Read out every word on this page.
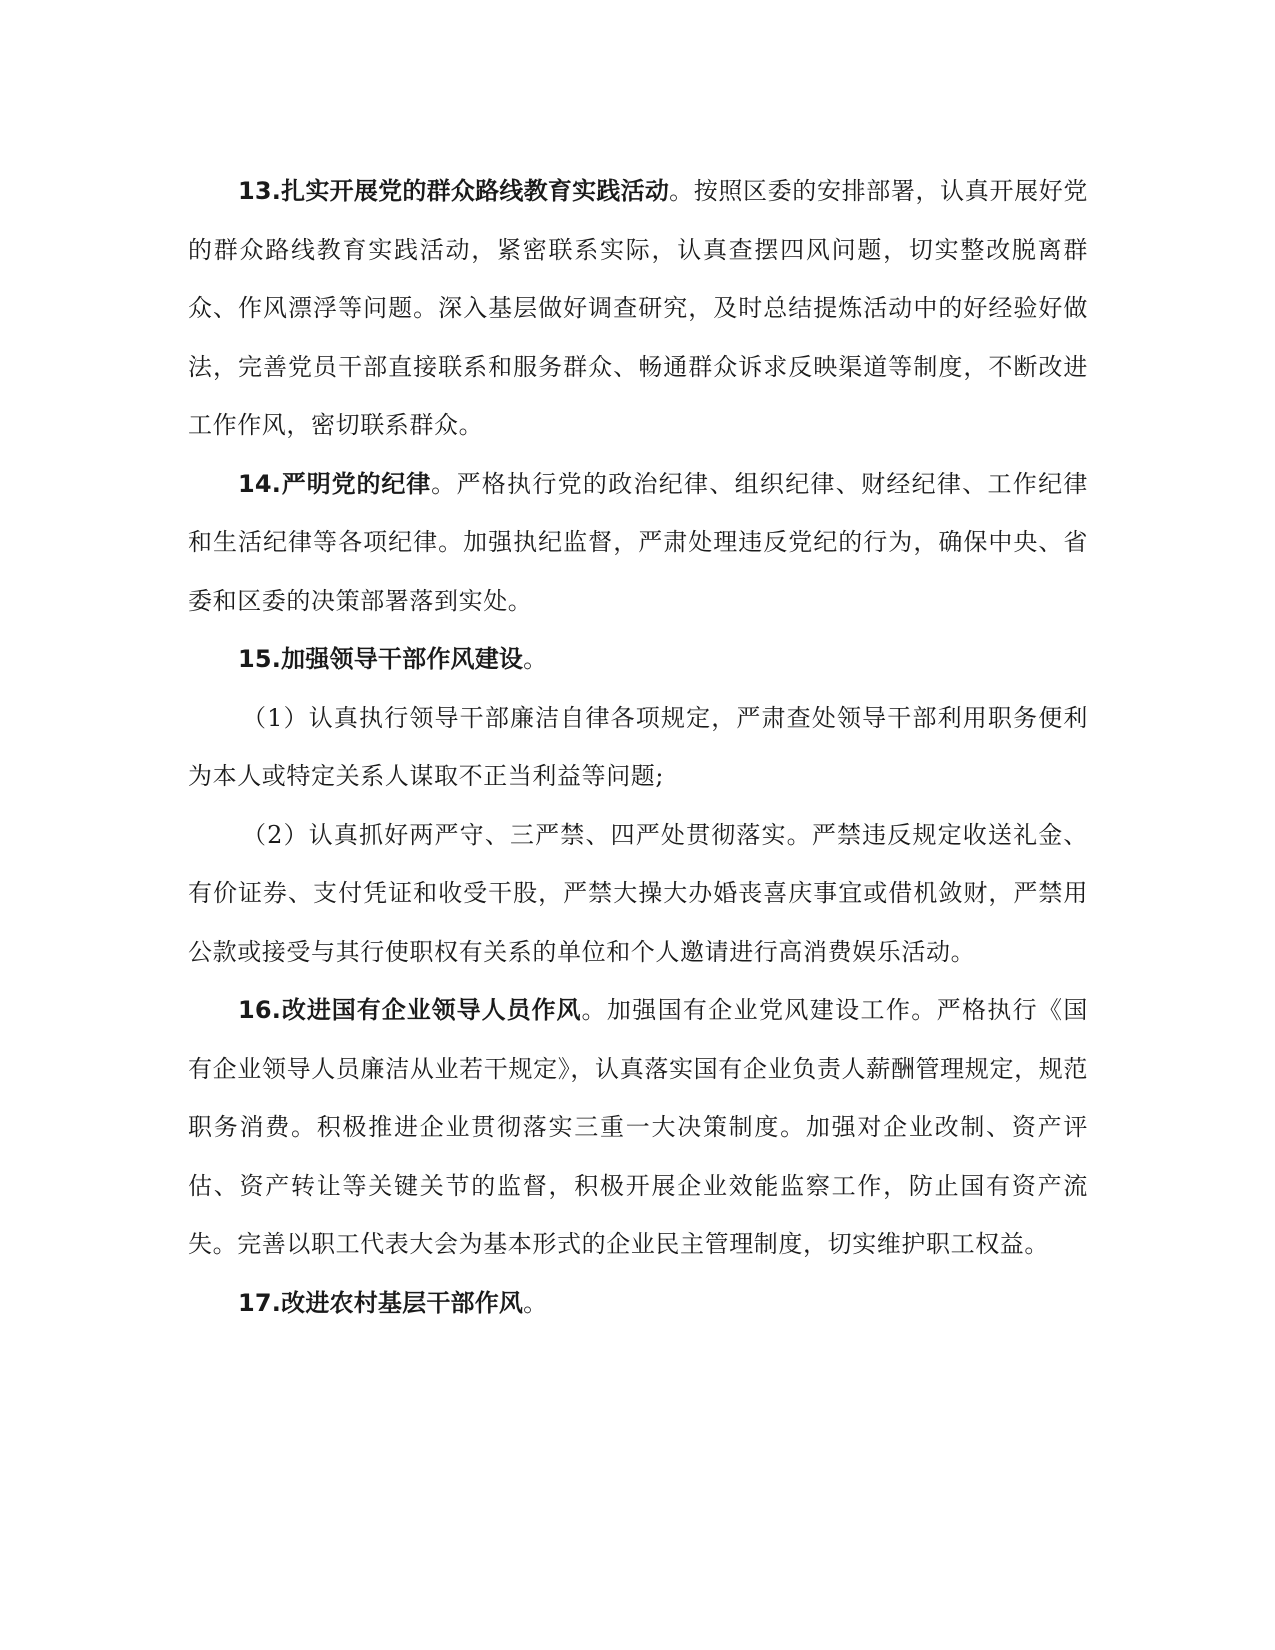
13.扎实开展党的群众路线教育实践活动。按照区委的安排部署，认真开展好党的群众路线教育实践活动，紧密联系实际，认真查摆四风问题，切实整改脱离群众、作风漂浮等问题。深入基层做好调查研究，及时总结提炼活动中的好经验好做法，完善党员干部直接联系和服务群众、畅通群众诉求反映渠道等制度，不断改进工作作风，密切联系群众。

14.严明党的纪律。严格执行党的政治纪律、组织纪律、财经纪律、工作纪律和生活纪律等各项纪律。加强执纪监督，严肃处理违反党纪的行为，确保中央、省委和区委的决策部署落到实处。

15.加强领导干部作风建设。

（1）认真执行领导干部廉洁自律各项规定，严肃查处领导干部利用职务便利为本人或特定关系人谋取不正当利益等问题;

（2）认真抓好两严守、三严禁、四严处贯彻落实。严禁违反规定收送礼金、有价证券、支付凭证和收受干股，严禁大操大办婚丧喜庆事宜或借机敛财，严禁用公款或接受与其行使职权有关系的单位和个人邀请进行高消费娱乐活动。

16.改进国有企业领导人员作风。加强国有企业党风建设工作。严格执行《国有企业领导人员廉洁从业若干规定》，认真落实国有企业负责人薪酬管理规定，规范职务消费。积极推进企业贯彻落实三重一大决策制度。加强对企业改制、资产评估、资产转让等关键关节的监督，积极开展企业效能监察工作，防止国有资产流失。完善以职工代表大会为基本形式的企业民主管理制度，切实维护职工权益。

17.改进农村基层干部作风。
